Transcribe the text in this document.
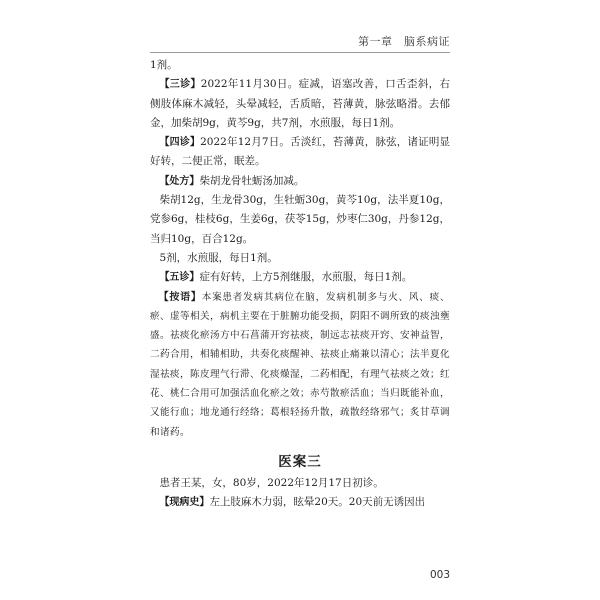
第一章　脑系病证
1剂。
【三诊】2022年11月30日。症减，语塞改善，口舌歪斜，右侧肢体麻木减轻，头晕减轻，舌质暗，苔薄黄，脉弦略滑。去郁金，加柴胡9g，黄芩9g，共7剂，水煎服，每日1剂。
【四诊】2022年12月7日。舌淡红，苔薄黄，脉弦，诸证明显好转，二便正常，眠差。
【处方】柴胡龙骨牡蛎汤加减。
柴胡12g，生龙骨30g，生牡蛎30g，黄芩10g，法半夏10g，党参6g，桂枝6g，生姜6g，茯苓15g，炒枣仁30g，丹参12g，当归10g，百合12g。
5剂，水煎服，每日1剂。
【五诊】症有好转，上方5剂继服，水煎服，每日1剂。
【按语】本案患者发病其病位在脑，发病机制多与火、风、痰、瘀、虚等相关，病机主要在于脏腑功能受损，阴阳不调所致的痰浊壅盛。祛痰化瘀汤方中石菖蒲开窍祛痰，制远志祛痰开窍、安神益智，二药合用，相辅相助，共奏化痰醒神、祛痰止痛兼以清心；法半夏化湿祛痰，陈皮理气行滞、化痰燥湿，二药相配，有理气祛痰之效；红花、桃仁合用可加强活血化瘀之效；赤芍散瘀活血；当归既能补血，又能行血；地龙通行经络；葛根轻扬升散，疏散经络邪气；炙甘草调和诸药。
医案三
患者王某，女，80岁，2022年12月17日初诊。
【现病史】左上肢麻木力弱，眩晕20天。20天前无诱因出
003
